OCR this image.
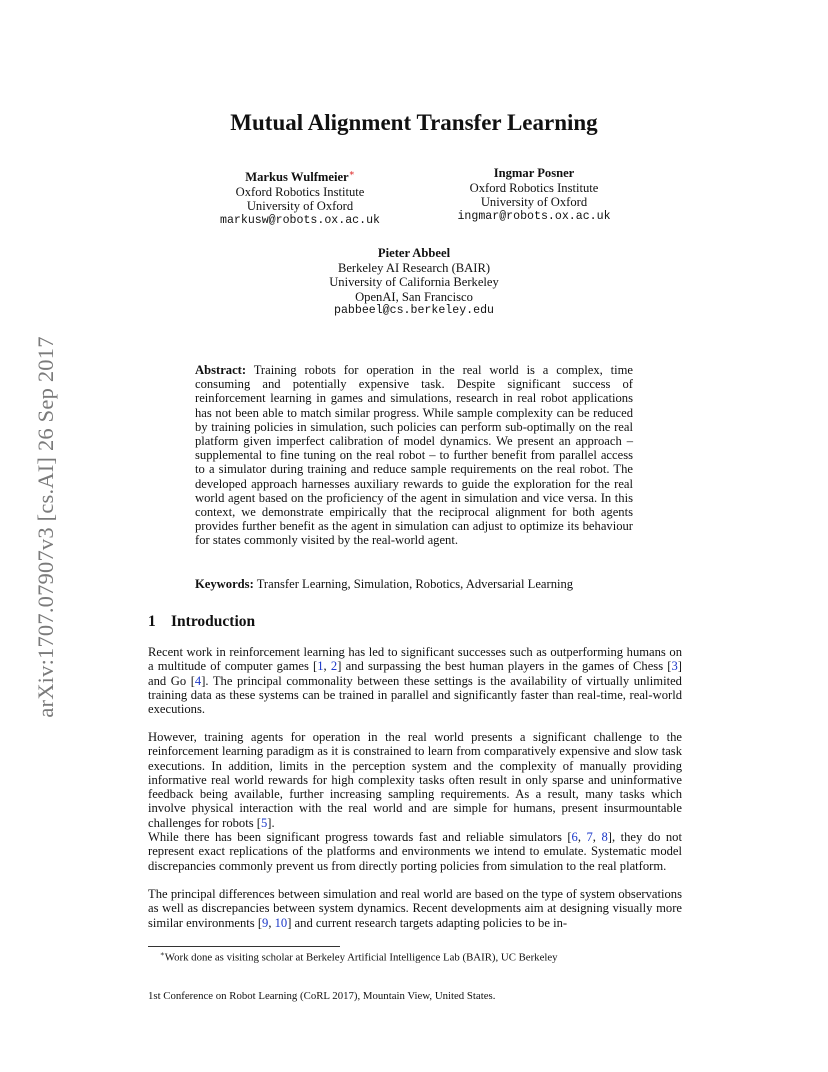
arXiv:1707.07907v3 [cs.AI] 26 Sep 2017
Mutual Alignment Transfer Learning
Markus Wulfmeier∗
Oxford Robotics Institute
University of Oxford
markusw@robots.ox.ac.uk
Ingmar Posner
Oxford Robotics Institute
University of Oxford
ingmar@robots.ox.ac.uk
Pieter Abbeel
Berkeley AI Research (BAIR)
University of California Berkeley
OpenAI, San Francisco
pabbeel@cs.berkeley.edu
Abstract: Training robots for operation in the real world is a complex, time consuming and potentially expensive task. Despite significant success of reinforcement learning in games and simulations, research in real robot applications has not been able to match similar progress. While sample complexity can be reduced by training policies in simulation, such policies can perform sub-optimally on the real platform given imperfect calibration of model dynamics. We present an approach – supplemental to fine tuning on the real robot – to further benefit from parallel access to a simulator during training and reduce sample requirements on the real robot. The developed approach harnesses auxiliary rewards to guide the exploration for the real world agent based on the proficiency of the agent in simulation and vice versa. In this context, we demonstrate empirically that the reciprocal alignment for both agents provides further benefit as the agent in simulation can adjust to optimize its behaviour for states commonly visited by the real-world agent.
Keywords: Transfer Learning, Simulation, Robotics, Adversarial Learning
1 Introduction
Recent work in reinforcement learning has led to significant successes such as outperforming humans on a multitude of computer games [1, 2] and surpassing the best human players in the games of Chess [3] and Go [4]. The principal commonality between these settings is the availability of virtually unlimited training data as these systems can be trained in parallel and significantly faster than real-time, real-world executions.
However, training agents for operation in the real world presents a significant challenge to the reinforcement learning paradigm as it is constrained to learn from comparatively expensive and slow task executions. In addition, limits in the perception system and the complexity of manually providing informative real world rewards for high complexity tasks often result in only sparse and uninformative feedback being available, further increasing sampling requirements. As a result, many tasks which involve physical interaction with the real world and are simple for humans, present insurmountable challenges for robots [5].
While there has been significant progress towards fast and reliable simulators [6, 7, 8], they do not represent exact replications of the platforms and environments we intend to emulate. Systematic model discrepancies commonly prevent us from directly porting policies from simulation to the real platform.
The principal differences between simulation and real world are based on the type of system observations as well as discrepancies between system dynamics. Recent developments aim at designing visually more similar environments [9, 10] and current research targets adapting policies to be in-
∗Work done as visiting scholar at Berkeley Artificial Intelligence Lab (BAIR), UC Berkeley
1st Conference on Robot Learning (CoRL 2017), Mountain View, United States.
